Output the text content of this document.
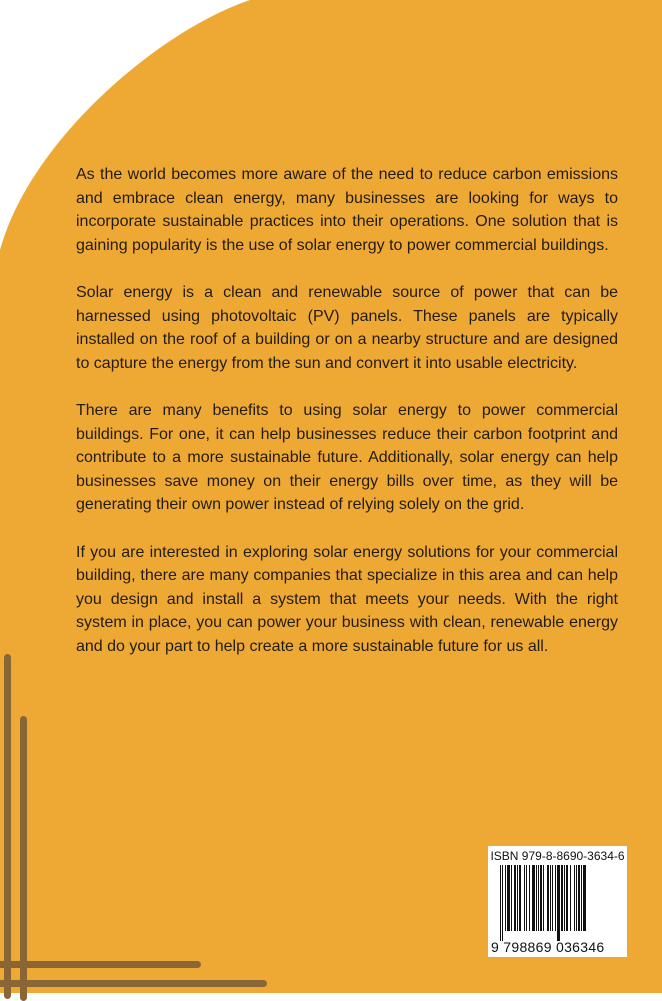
As the world becomes more aware of the need to reduce carbon emissions and embrace clean energy, many businesses are looking for ways to incorporate sustainable practices into their operations. One solution that is gaining popularity is the use of solar energy to power commercial buildings.

Solar energy is a clean and renewable source of power that can be harnessed using photovoltaic (PV) panels. These panels are typically installed on the roof of a building or on a nearby structure and are designed to capture the energy from the sun and convert it into usable electricity.

There are many benefits to using solar energy to power commercial buildings. For one, it can help businesses reduce their carbon footprint and contribute to a more sustainable future. Additionally, solar energy can help businesses save money on their energy bills over time, as they will be generating their own power instead of relying solely on the grid.

If you are interested in exploring solar energy solutions for your commercial building, there are many companies that specialize in this area and can help you design and install a system that meets your needs. With the right system in place, you can power your business with clean, renewable energy and do your part to help create a more sustainable future for us all.

ISBN 979-8-8690-3634-6
9 798869 036346
